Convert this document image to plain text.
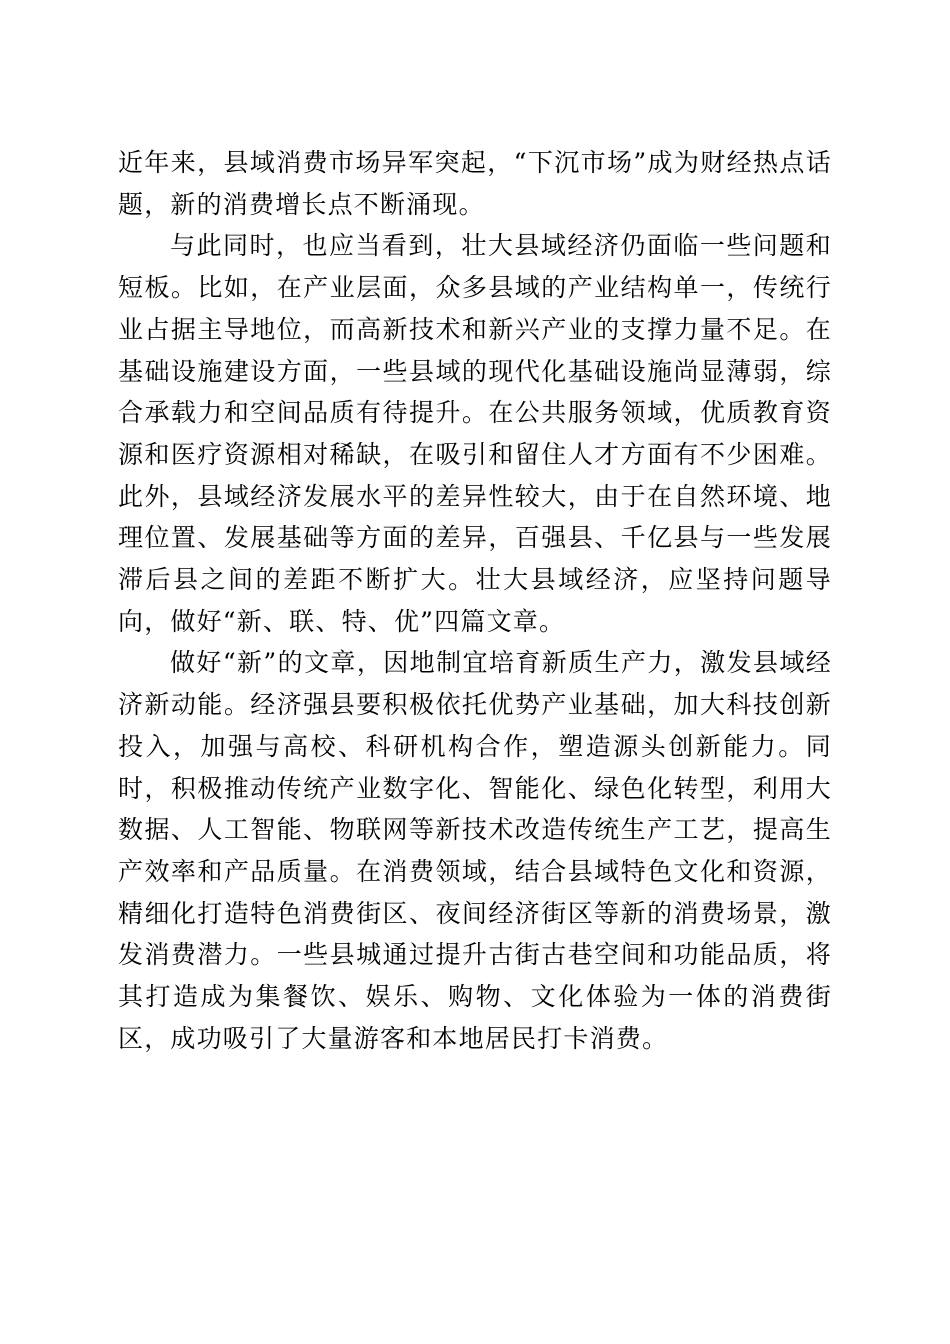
近年来，县域消费市场异军突起，“下沉市场”成为财经热点话题，新的消费增长点不断涌现。

与此同时，也应当看到，壮大县域经济仍面临一些问题和短板。比如，在产业层面，众多县域的产业结构单一，传统行业占据主导地位，而高新技术和新兴产业的支撑力量不足。在基础设施建设方面，一些县域的现代化基础设施尚显薄弱，综合承载力和空间品质有待提升。在公共服务领域，优质教育资源和医疗资源相对稀缺，在吸引和留住人才方面有不少困难。此外，县域经济发展水平的差异性较大，由于在自然环境、地理位置、发展基础等方面的差异，百强县、千亿县与一些发展滞后县之间的差距不断扩大。壮大县域经济，应坚持问题导向，做好“新、联、特、优”四篇文章。

做好“新”的文章，因地制宜培育新质生产力，激发县域经济新动能。经济强县要积极依托优势产业基础，加大科技创新投入，加强与高校、科研机构合作，塑造源头创新能力。同时，积极推动传统产业数字化、智能化、绿色化转型，利用大数据、人工智能、物联网等新技术改造传统生产工艺，提高生产效率和产品质量。在消费领域，结合县域特色文化和资源，精细化打造特色消费街区、夜间经济街区等新的消费场景，激发消费潜力。一些县城通过提升古街古巷空间和功能品质，将其打造成为集餐饮、娱乐、购物、文化体验为一体的消费街区，成功吸引了大量游客和本地居民打卡消费。
